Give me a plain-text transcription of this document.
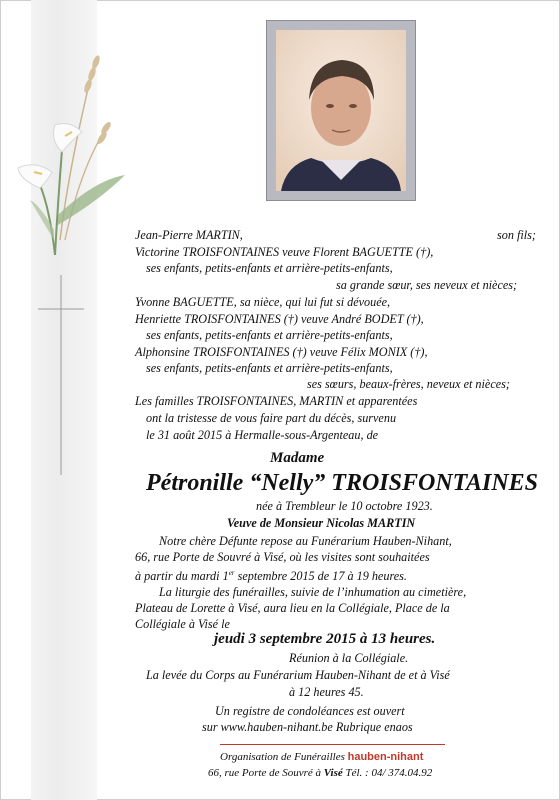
Jean-Pierre MARTIN,	son fils;
Victorine TROISFONTAINES veuve Florent BAGUETTE (†),
ses enfants, petits-enfants et arrière-petits-enfants,
sa grande sœur, ses neveux et nièces;
Yvonne BAGUETTE, sa nièce, qui lui fut si dévouée,
Henriette TROISFONTAINES (†) veuve André BODET (†),
ses enfants, petits-enfants et arrière-petits-enfants,
Alphonsine TROISFONTAINES (†) veuve Félix MONIX (†),
ses enfants, petits-enfants et arrière-petits-enfants,
ses sœurs, beaux-frères, neveux et nièces;
Les familles TROISFONTAINES, MARTIN et apparentées
ont la tristesse de vous faire part du décès, survenu
le 31 août 2015 à Hermalle-sous-Argenteau, de
Madame
Pétronille “Nelly” TROISFONTAINES
née à Trembleur le 10 octobre 1923.
Veuve de Monsieur Nicolas MARTIN
Notre chère Défunte repose au Funérarium Hauben-Nihant,
66, rue Porte de Souvré à Visé, où les visites sont souhaitées
à partir du mardi 1er septembre 2015 de 17 à 19 heures.
La liturgie des funérailles, suivie de l’inhumation au cimetière,
Plateau de Lorette à Visé, aura lieu en la Collégiale, Place de la
Collégiale à Visé le
jeudi 3 septembre 2015 à 13 heures.
Réunion à la Collégiale.
La levée du Corps au Funérarium Hauben-Nihant de et à Visé
à 12 heures 45.
Un registre de condoléances est ouvert
sur www.hauben-nihant.be Rubrique enaos
Organisation de Funérailles hauben-nihant
66, rue Porte de Souvré à Visé Tél. : 04/ 374.04.92
